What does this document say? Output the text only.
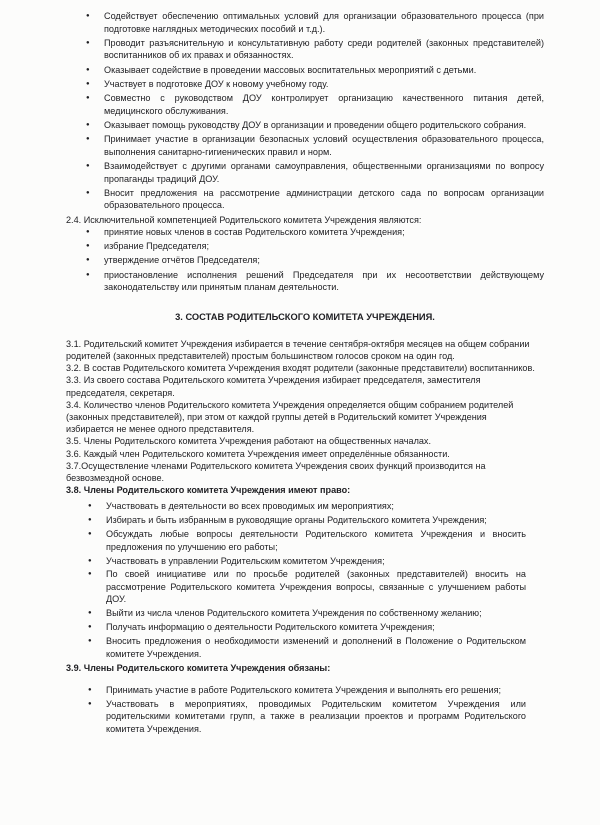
● Содействует обеспечению оптимальных условий для организации образовательного процесса (при подготовке наглядных методических пособий и т.д.).
● Проводит разъяснительную и консультативную работу среди родителей (законных представителей) воспитанников об их правах и обязанностях.
● Оказывает содействие в проведении массовых воспитательных мероприятий с детьми.
● Участвует в подготовке ДОУ к новому учебному году.
● Совместно с руководством ДОУ контролирует организацию качественного питания детей, медицинского обслуживания.
● Оказывает помощь руководству ДОУ в организации и проведении общего родительского собрания.
● Принимает участие в организации безопасных условий осуществления образовательного процесса, выполнения санитарно-гигиенических правил и норм.
● Взаимодействует с другими органами самоуправления, общественными организациями по вопросу пропаганды традиций ДОУ.
● Вносит предложения на рассмотрение администрации детского сада по вопросам организации образовательного процесса.
2.4. Исключительной компетенцией Родительского комитета Учреждения являются:
● принятие новых членов в состав Родительского комитета Учреждения;
● избрание Председателя;
● утверждение отчётов Председателя;
● приостановление исполнения решений Председателя при их несоответствии действующему законодательству или принятым планам деятельности.
3. СОСТАВ РОДИТЕЛЬСКОГО КОМИТЕТА УЧРЕЖДЕНИЯ.
3.1. Родительский комитет Учреждения избирается в течение сентября-октября месяцев на общем собрании родителей (законных представителей) простым большинством голосов сроком на один год.
3.2. В состав Родительского комитета Учреждения входят родители (законные представители) воспитанников.
3.3. Из своего состава Родительского комитета Учреждения избирает председателя, заместителя председателя, секретаря.
3.4. Количество членов Родительского комитета Учреждения определяется общим собранием родителей (законных представителей), при этом от каждой группы детей в Родительский комитет Учреждения избирается не менее одного представителя.
3.5. Члены Родительского комитета Учреждения работают на общественных началах.
3.6. Каждый член Родительского комитета Учреждения имеет определённые обязанности.
3.7.Осуществление членами Родительского комитета Учреждения своих функций производится на безвозмездной основе.
3.8. Члены Родительского комитета Учреждения имеют право:
● Участвовать в деятельности во всех проводимых им мероприятиях;
● Избирать и быть избранным в руководящие органы Родительского комитета Учреждения;
● Обсуждать любые вопросы деятельности Родительского комитета Учреждения и вносить предложения по улучшению его работы;
● Участвовать в управлении Родительским комитетом Учреждения;
● По своей инициативе или по просьбе родителей (законных представителей) вносить на рассмотрение Родительского комитета Учреждения вопросы, связанные с улучшением работы ДОУ.
● Выйти из числа членов Родительского комитета Учреждения по собственному желанию;
● Получать информацию о деятельности Родительского комитета Учреждения;
● Вносить предложения о необходимости изменений и дополнений в Положение о Родительском комитете Учреждения.
3.9. Члены Родительского комитета Учреждения обязаны:
● Принимать участие в работе Родительского комитета Учреждения и выполнять его решения;
● Участвовать в мероприятиях, проводимых Родительским комитетом Учреждения или родительскими комитетами групп, а также в реализации проектов и программ Родительского комитета Учреждения.
